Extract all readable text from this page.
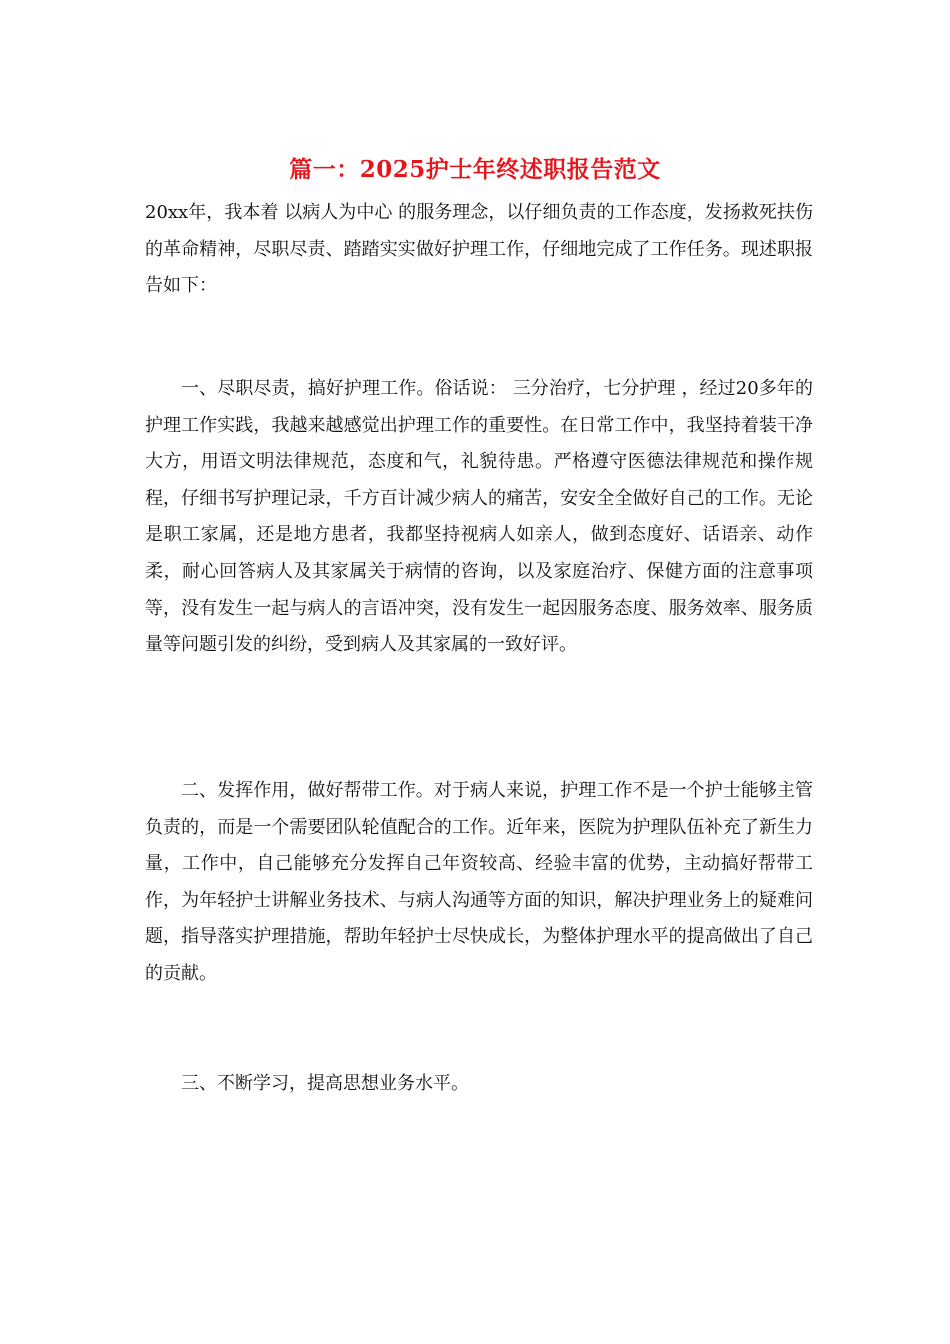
篇一：2025护士年终述职报告范文

20xx年，我本着 以病人为中心 的服务理念，以仔细负责的工作态度，发扬救死扶伤的革命精神，尽职尽责、踏踏实实做好护理工作，仔细地完成了工作任务。现述职报告如下：

一、尽职尽责，搞好护理工作。俗话说： 三分治疗，七分护理 ，经过20多年的护理工作实践，我越来越感觉出护理工作的重要性。在日常工作中，我坚持着装干净大方，用语文明法律规范，态度和气，礼貌待患。严格遵守医德法律规范和操作规程，仔细书写护理记录，千方百计减少病人的痛苦，安安全全做好自己的工作。无论是职工家属，还是地方患者，我都坚持视病人如亲人，做到态度好、话语亲、动作柔，耐心回答病人及其家属关于病情的咨询，以及家庭治疗、保健方面的注意事项等，没有发生一起与病人的言语冲突，没有发生一起因服务态度、服务效率、服务质量等问题引发的纠纷，受到病人及其家属的一致好评。

二、发挥作用，做好帮带工作。对于病人来说，护理工作不是一个护士能够主管负责的，而是一个需要团队轮值配合的工作。近年来，医院为护理队伍补充了新生力量，工作中，自己能够充分发挥自己年资较高、经验丰富的优势，主动搞好帮带工作，为年轻护士讲解业务技术、与病人沟通等方面的知识，解决护理业务上的疑难问题，指导落实护理措施，帮助年轻护士尽快成长，为整体护理水平的提高做出了自己的贡献。

三、不断学习，提高思想业务水平。
